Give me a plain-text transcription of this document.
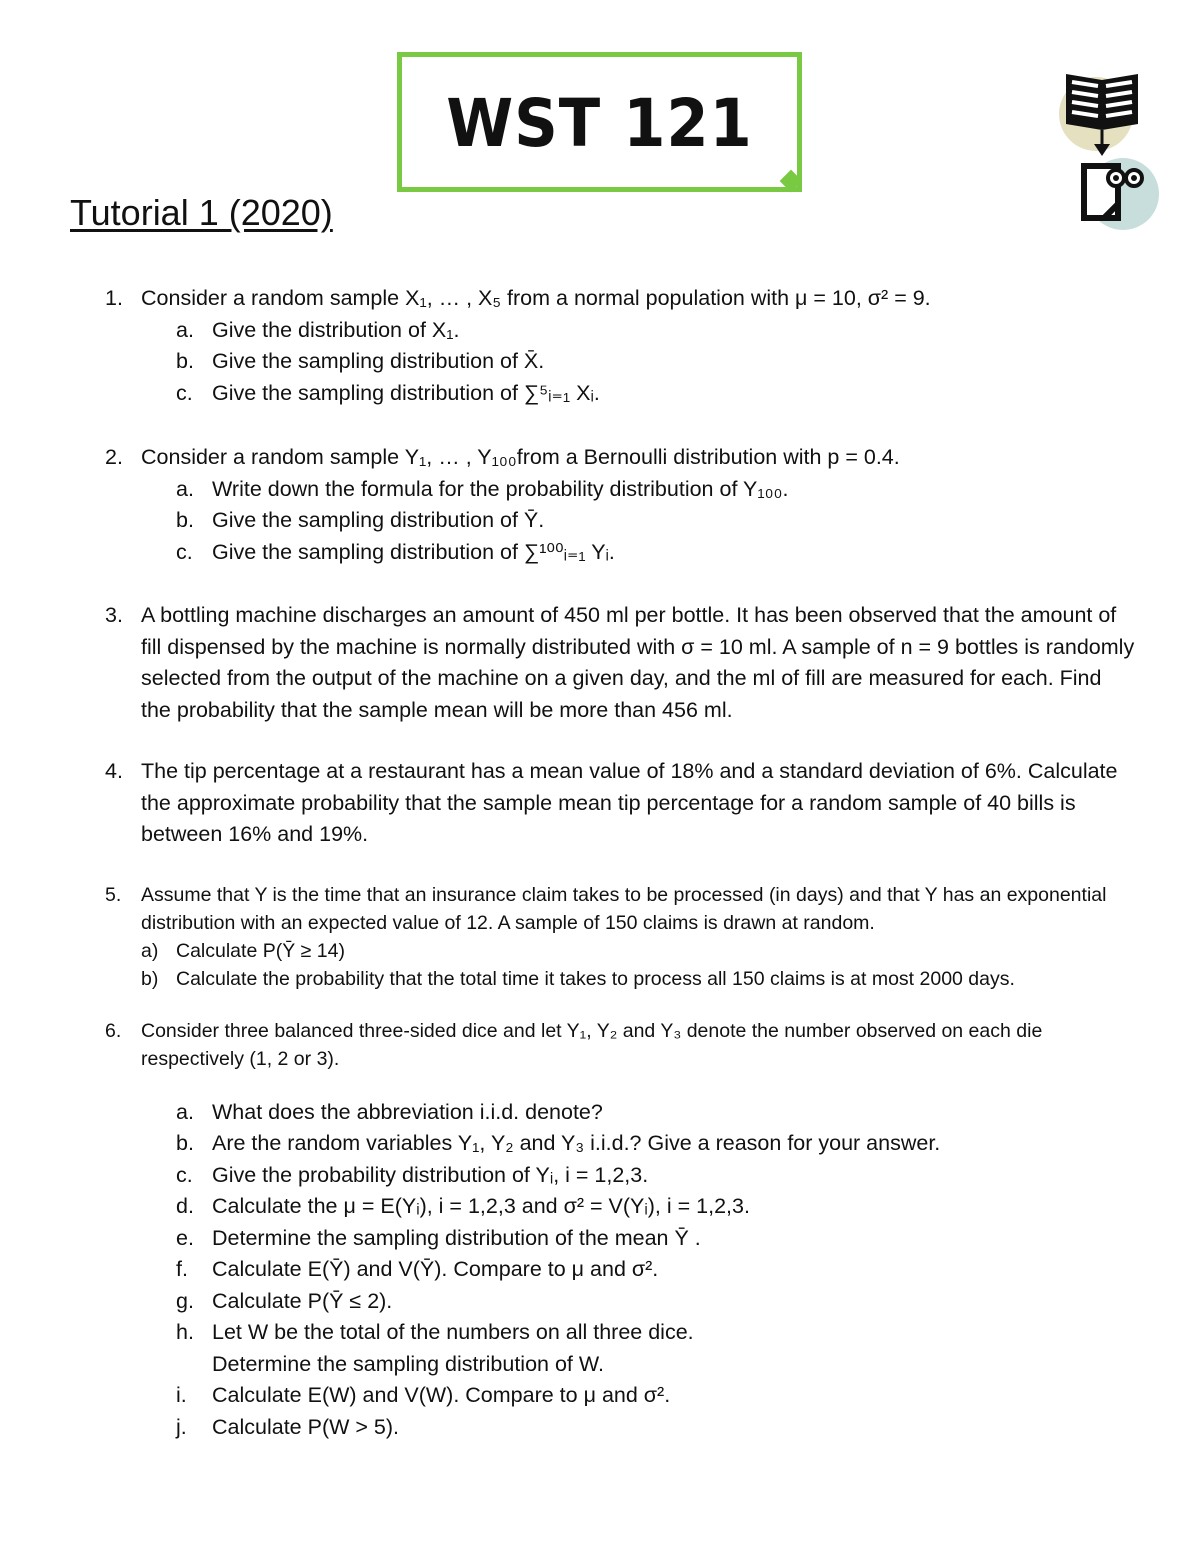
WST 121
Tutorial 1 (2020)
1. Consider a random sample X₁, … , X₅ from a normal population with μ = 10, σ² = 9.
a. Give the distribution of X₁.
b. Give the sampling distribution of X̄.
c. Give the sampling distribution of ∑⁵ᵢ₌₁ Xᵢ.
2. Consider a random sample Y₁, … , Y₁₀₀from a Bernoulli distribution with p = 0.4.
a. Write down the formula for the probability distribution of Y₁₀₀.
b. Give the sampling distribution of Ȳ.
c. Give the sampling distribution of ∑¹⁰⁰ᵢ₌₁ Yᵢ.
3. A bottling machine discharges an amount of 450 ml per bottle. It has been observed that the amount of fill dispensed by the machine is normally distributed with σ = 10 ml. A sample of n = 9 bottles is randomly selected from the output of the machine on a given day, and the ml of fill are measured for each. Find the probability that the sample mean will be more than 456 ml.
4. The tip percentage at a restaurant has a mean value of 18% and a standard deviation of 6%. Calculate the approximate probability that the sample mean tip percentage for a random sample of 40 bills is between 16% and 19%.
5. Assume that Y is the time that an insurance claim takes to be processed (in days) and that Y has an exponential distribution with an expected value of 12. A sample of 150 claims is drawn at random.
a) Calculate P(Ȳ ≥ 14)
b) Calculate the probability that the total time it takes to process all 150 claims is at most 2000 days.
6. Consider three balanced three-sided dice and let Y₁, Y₂ and Y₃ denote the number observed on each die respectively (1, 2 or 3).
a. What does the abbreviation i.i.d. denote?
b. Are the random variables Y₁, Y₂ and Y₃ i.i.d.? Give a reason for your answer.
c. Give the probability distribution of Yᵢ, i = 1,2,3.
d. Calculate the μ = E(Yᵢ), i = 1,2,3 and σ² = V(Yᵢ), i = 1,2,3.
e. Determine the sampling distribution of the mean Ȳ .
f. Calculate E(Ȳ) and V(Ȳ). Compare to μ and σ².
g. Calculate P(Ȳ ≤ 2).
h. Let W be the total of the numbers on all three dice.
Determine the sampling distribution of W.
i. Calculate E(W) and V(W). Compare to μ and σ².
j. Calculate P(W > 5).
